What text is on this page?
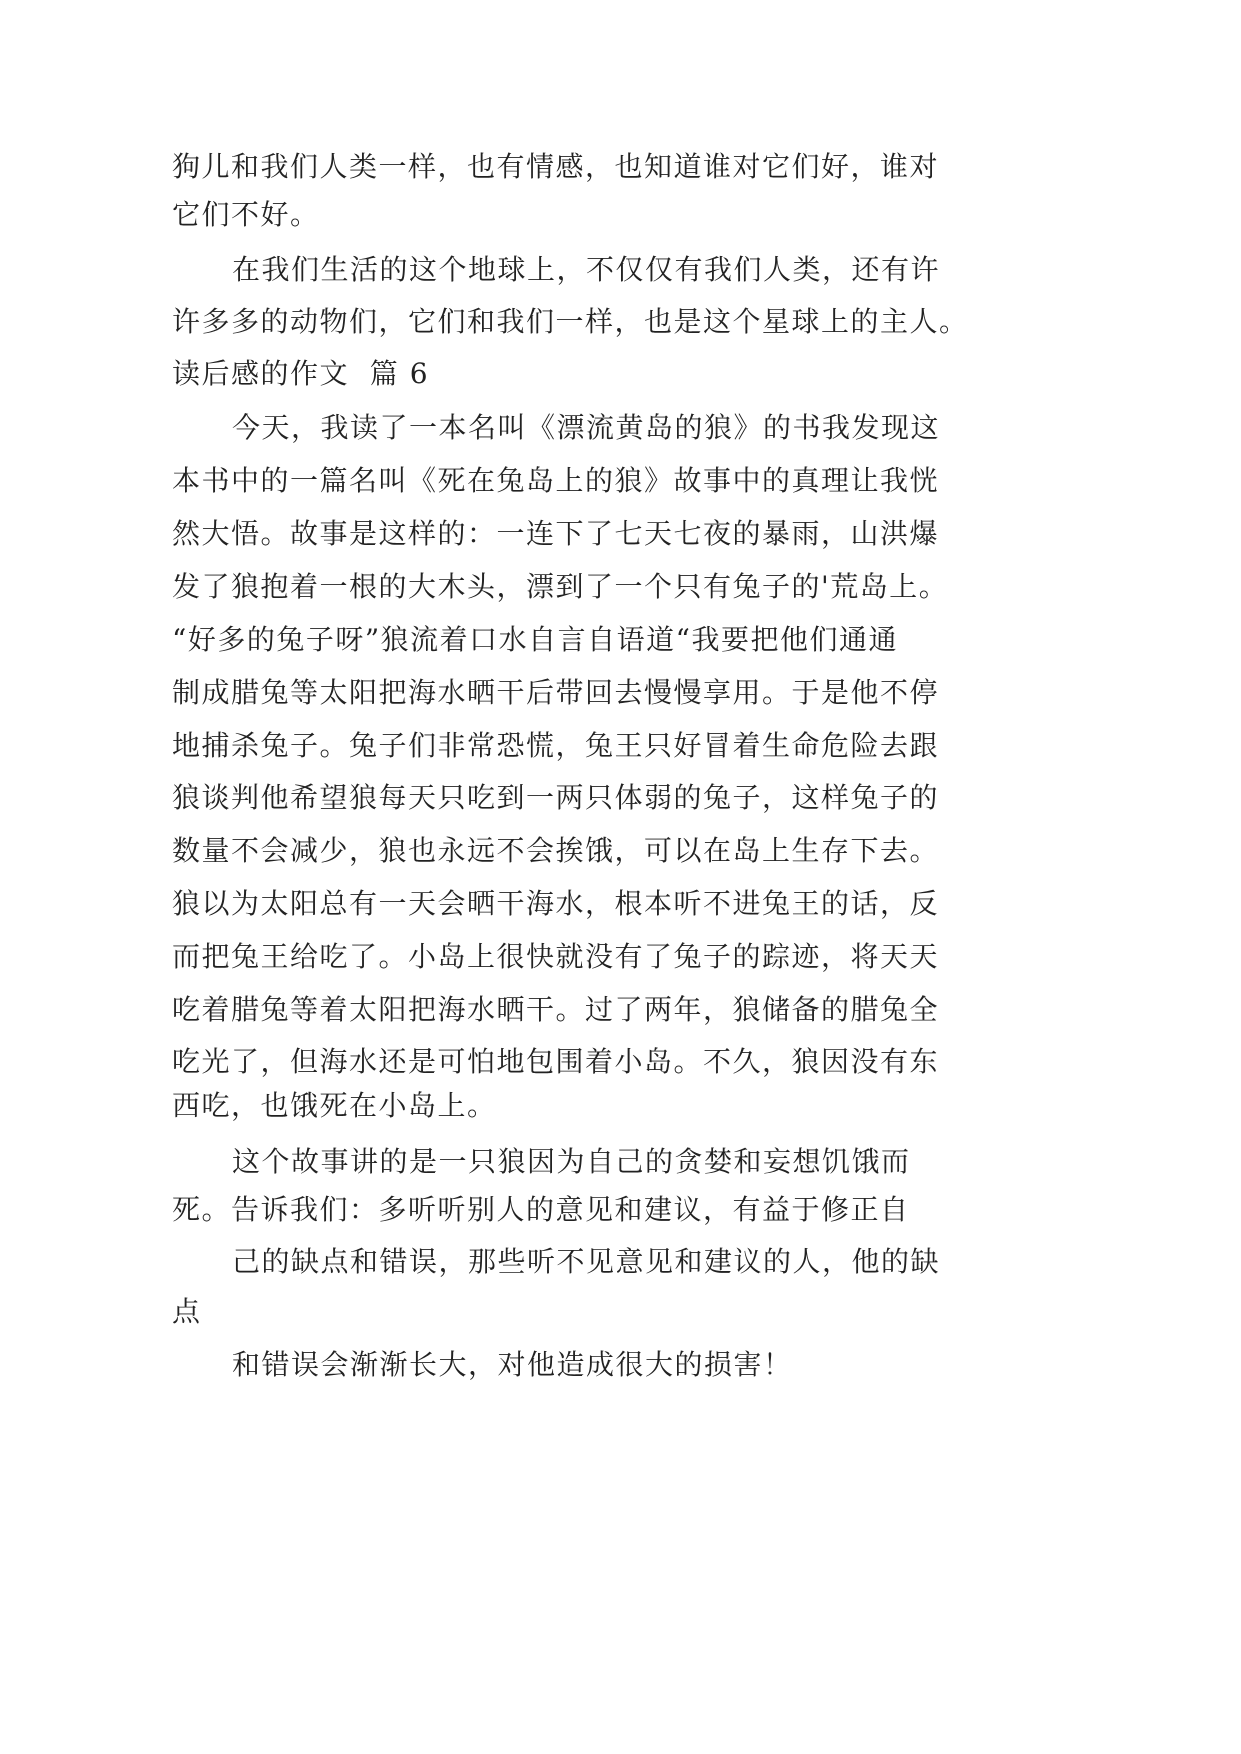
狗儿和我们人类一样，也有情感，也知道谁对它们好，谁对
它们不好。
在我们生活的这个地球上，不仅仅有我们人类，还有许
许多多的动物们，它们和我们一样，也是这个星球上的主人。
读后感的作文  篇 6
今天，我读了一本名叫《漂流黄岛的狼》的书我发现这
本书中的一篇名叫《死在兔岛上的狼》故事中的真理让我恍
然大悟。故事是这样的：一连下了七天七夜的暴雨，山洪爆
发了狼抱着一根的大木头，漂到了一个只有兔子的'荒岛上。
“好多的兔子呀”狼流着口水自言自语道“我要把他们通通
制成腊兔等太阳把海水晒干后带回去慢慢享用。于是他不停
地捕杀兔子。兔子们非常恐慌，兔王只好冒着生命危险去跟
狼谈判他希望狼每天只吃到一两只体弱的兔子，这样兔子的
数量不会减少，狼也永远不会挨饿，可以在岛上生存下去。
狼以为太阳总有一天会晒干海水，根本听不进兔王的话，反
而把兔王给吃了。小岛上很快就没有了兔子的踪迹，将天天
吃着腊兔等着太阳把海水晒干。过了两年，狼储备的腊兔全
吃光了，但海水还是可怕地包围着小岛。不久，狼因没有东
西吃，也饿死在小岛上。
这个故事讲的是一只狼因为自己的贪婪和妄想饥饿而
死。告诉我们：多听听别人的意见和建议，有益于修正自
己的缺点和错误，那些听不见意见和建议的人，他的缺
点
和错误会渐渐长大，对他造成很大的损害！
